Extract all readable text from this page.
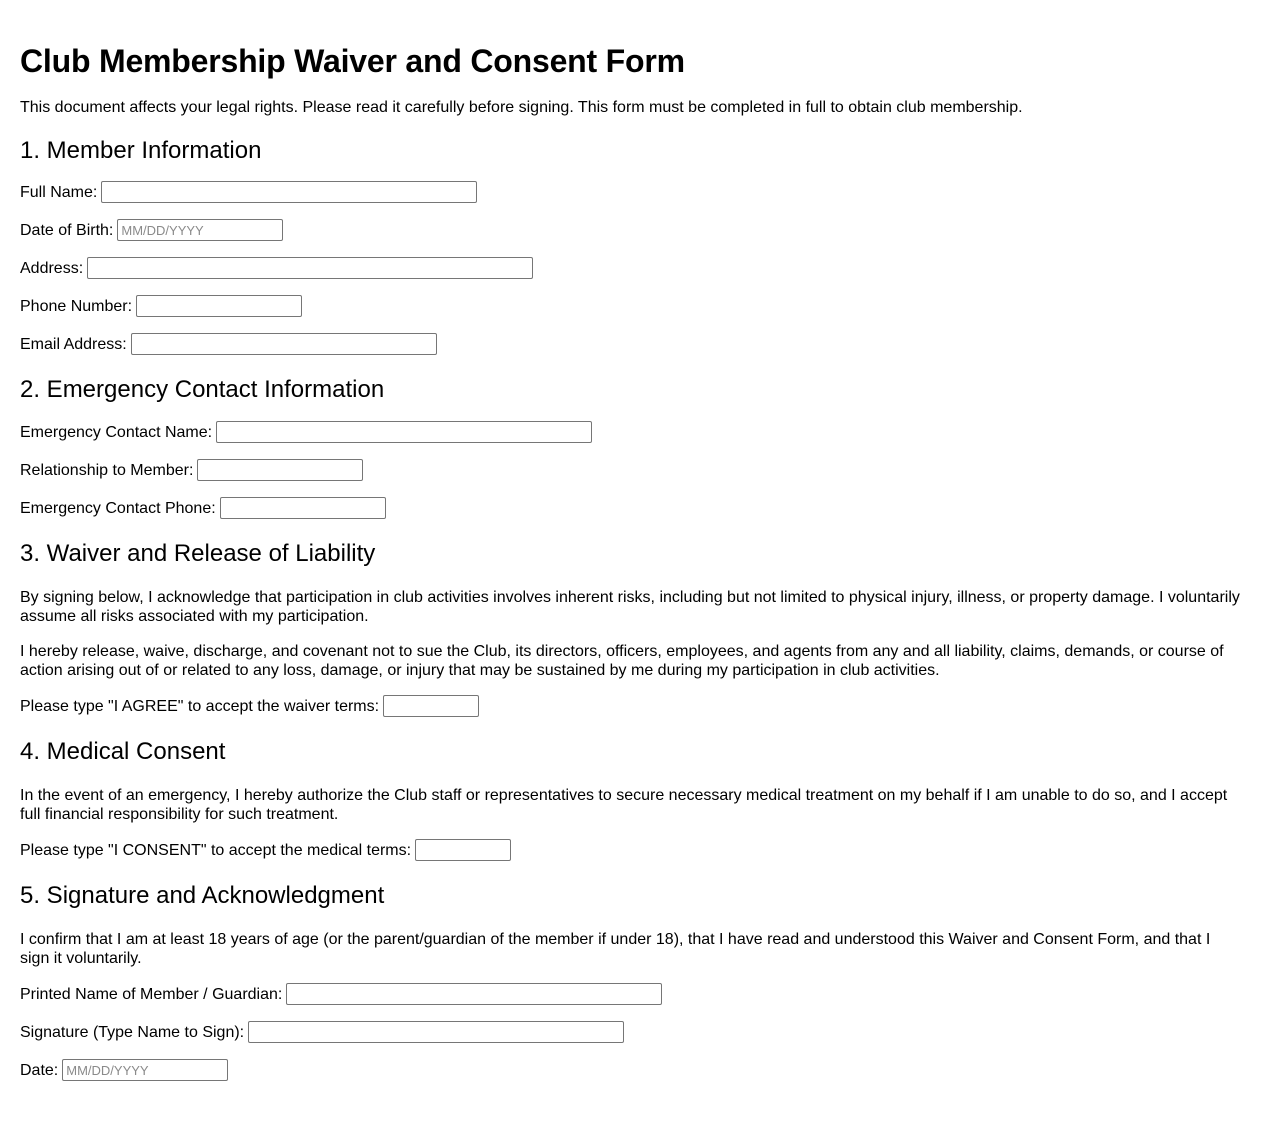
Club Membership Waiver and Consent Form

This document affects your legal rights. Please read it carefully before signing. This form must be completed in full to obtain club membership.

1. Member Information
Full Name:
Date of Birth:
MM/DD/YYYY
Address:
Phone Number:
Email Address:
2. Emergency Contact Information
Emergency Contact Name:
Relationship to Member:
Emergency Contact Phone:
3. Waiver and Release of Liability

By signing below, I acknowledge that participation in club activities involves inherent risks, including but not limited to physical injury, illness, or property damage. I voluntarily assume all risks associated with my participation.

I hereby release, waive, discharge, and covenant not to sue the Club, its directors, officers, employees, and agents from any and all liability, claims, demands, or course of action arising out of or related to any loss, damage, or injury that may be sustained by me during my participation in club activities.

Please type "I AGREE" to accept the waiver terms:
4. Medical Consent

In the event of an emergency, I hereby authorize the Club staff or representatives to secure necessary medical treatment on my behalf if I am unable to do so, and I accept full financial responsibility for such treatment.

Please type "I CONSENT" to accept the medical terms:
5. Signature and Acknowledgment

I confirm that I am at least 18 years of age (or the parent/guardian of the member if under 18), that I have read and understood this Waiver and Consent Form, and that I sign it voluntarily.

Printed Name of Member / Guardian:
Signature (Type Name to Sign):
Date:
MM/DD/YYYY
